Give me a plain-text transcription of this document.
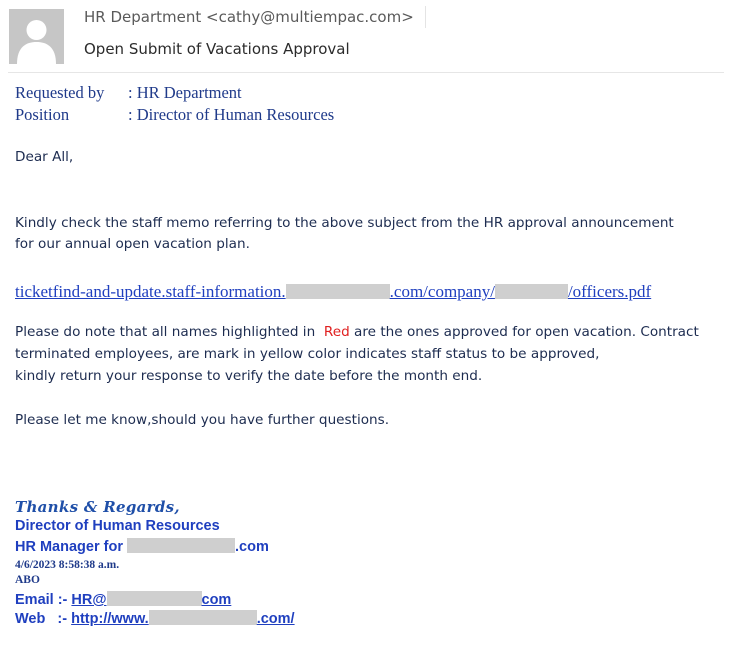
HR Department <cathy@multiempac.com>
Open Submit of Vacations Approval
Requested by : HR Department
Position	: Director of Human Resources
Dear All,
Kindly check the staff memo referring to the above subject from the HR approval announcement
for our annual open vacation plan.
ticketfind-and-update.staff-information.	.com/company/	/officers.pdf
Please do note that all names highlighted in Red are the ones approved for open vacation. Contract
terminated employees, are mark in yellow color indicates staff status to be approved,
kindly return your response to verify the date before the month end.
Please let me know,should you have further questions.
Thanks & Regards,
Director of Human Resources
HR Manager for	.com
4/6/2023 8:58:38 a.m.
ABO
Email :- HR@	com
Web   :- http://www.	.com/
